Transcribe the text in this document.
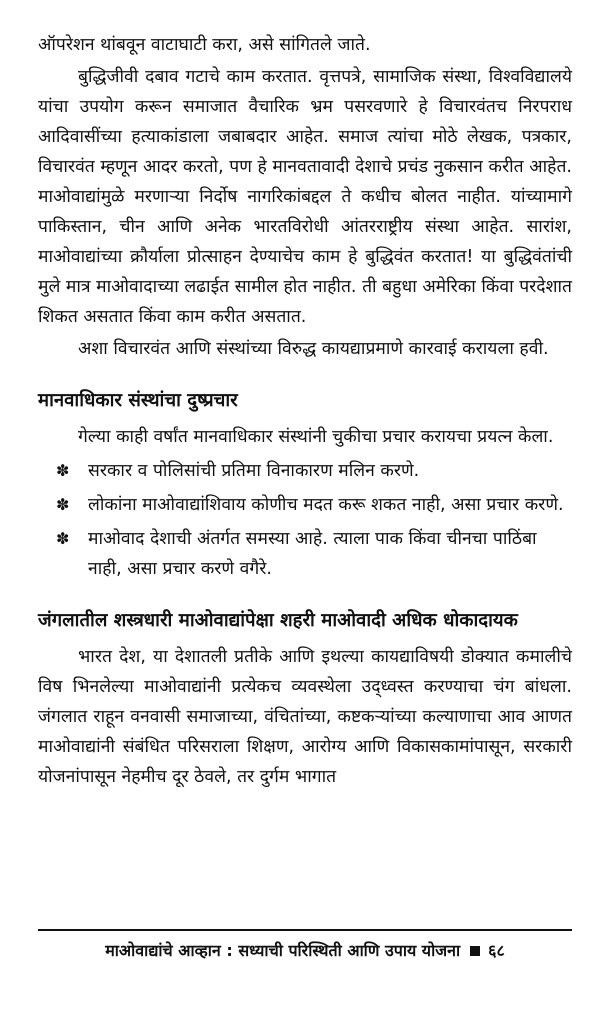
ऑपरेशन थांबवून वाटाघाटी करा, असे सांगितले जाते.

बुद्धिजीवी दबाव गटाचे काम करतात. वृत्तपत्रे, सामाजिक संस्था, विश्वविद्यालये यांचा उपयोग करून समाजात वैचारिक भ्रम पसरवणारे हे विचारवंतच निरपराध आदिवासींच्या हत्याकांडाला जबाबदार आहेत. समाज त्यांचा मोठे लेखक, पत्रकार, विचारवंत म्हणून आदर करतो, पण हे मानवतावादी देशाचे प्रचंड नुकसान करीत आहेत. माओवाद्यांमुळे मरणाऱ्या निर्दोष नागरिकांबद्दल ते कधीच बोलत नाहीत. यांच्यामागे पाकिस्तान, चीन आणि अनेक भारतविरोधी आंतरराष्ट्रीय संस्था आहेत. सारांश, माओवाद्यांच्या क्रौर्याला प्रोत्साहन देण्याचेच काम हे बुद्धिवंत करतात! या बुद्धिवंतांची मुले मात्र माओवादाच्या लढाईत सामील होत नाहीत. ती बहुधा अमेरिका किंवा परदेशात शिकत असतात किंवा काम करीत असतात.

अशा विचारवंत आणि संस्थांच्या विरुद्ध कायद्याप्रमाणे कारवाई करायला हवी.

मानवाधिकार संस्थांचा दुष्प्रचार

गेल्या काही वर्षांत मानवाधिकार संस्थांनी चुकीचा प्रचार करायचा प्रयत्न केला.

✽ सरकार व पोलिसांची प्रतिमा विनाकारण मलिन करणे.
✽ लोकांना माओवाद्यांशिवाय कोणीच मदत करू शकत नाही, असा प्रचार करणे.
✽ माओवाद देशाची अंतर्गत समस्या आहे. त्याला पाक किंवा चीनचा पाठिंबा नाही, असा प्रचार करणे वगैरे.
जंगलातील शस्त्रधारी माओवाद्यांपेक्षा शहरी माओवादी अधिक धोकादायक

भारत देश, या देशातली प्रतीके आणि इथल्या कायद्याविषयी डोक्यात कमालीचे विष भिनलेल्या माओवाद्यांनी प्रत्येकच व्यवस्थेला उद्‌ध्वस्त करण्याचा चंग बांधला. जंगलात राहून वनवासी समाजाच्या, वंचितांच्या, कष्टकऱ्यांच्या कल्याणाचा आव आणत माओवाद्यांनी संबंधित परिसराला शिक्षण, आरोग्य आणि विकासकामांपासून, सरकारी योजनांपासून नेहमीच दूर ठेवले, तर दुर्गम भागात

माओवाद्यांचे आव्हान : सध्याची परिस्थिती आणि उपाय योजना ६८
